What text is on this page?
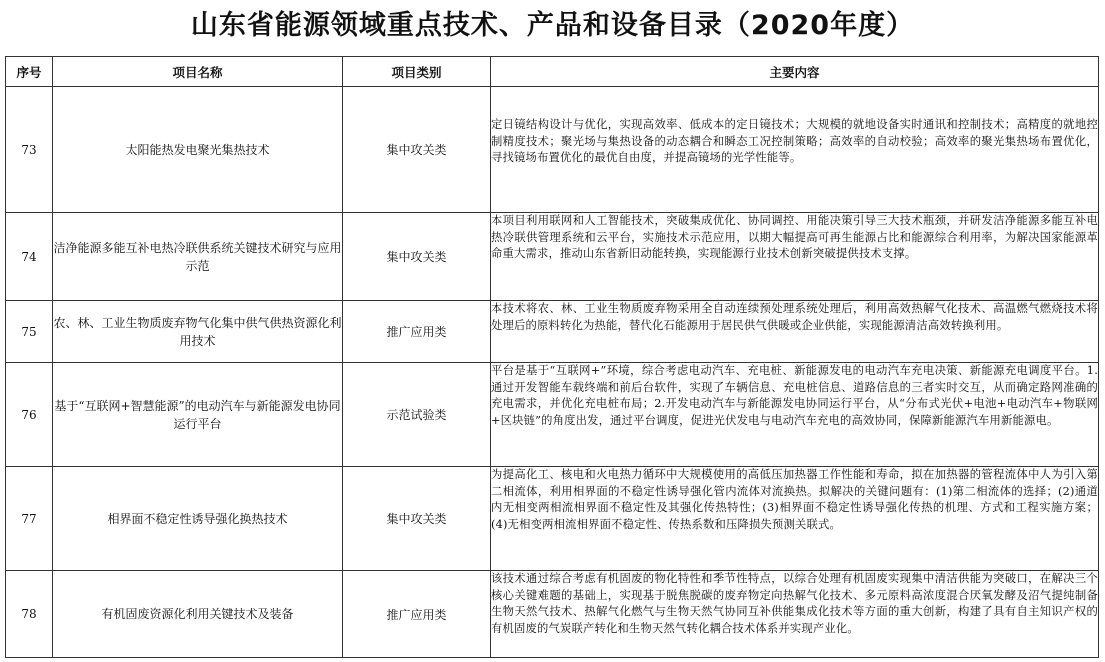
山东省能源领域重点技术、产品和设备目录（2020年度）
序号	项目名称	项目类别	主要内容
73	太阳能热发电聚光集热技术	集中攻关类	定日镜结构设计与优化，实现高效率、低成本的定日镜技术；大规模的就地设备实时通讯和控制技术；高精度的就地控制精度技术；聚光场与集热设备的动态耦合和瞬态工况控制策略；高效率的自动校验；高效率的聚光集热场布置优化，寻找镜场布置优化的最优自由度，并提高镜场的光学性能等。
74	洁净能源多能互补电热冷联供系统关键技术研究与应用示范	集中攻关类	本项目利用联网和人工智能技术，突破集成优化、协同调控、用能决策引导三大技术瓶颈，并研发洁净能源多能互补电热冷联供管理系统和云平台，实施技术示范应用，以期大幅提高可再生能源占比和能源综合利用率，为解决国家能源革命重大需求，推动山东省新旧动能转换，实现能源行业技术创新突破提供技术支撑。
75	农、林、工业生物质废弃物气化集中供气供热资源化利用技术	推广应用类	本技术将农、林、工业生物质废弃物采用全自动连续预处理系统处理后，利用高效热解气化技术、高温燃气燃烧技术将处理后的原料转化为热能，替代化石能源用于居民供气供暖或企业供能，实现能源清洁高效转换利用。
76	基于“互联网+智慧能源”的电动汽车与新能源发电协同运行平台	示范试验类	平台是基于“互联网+”环境，综合考虑电动汽车、充电桩、新能源发电的电动汽车充电决策、新能源充电调度平台。1.通过开发智能车载终端和前后台软件，实现了车辆信息、充电桩信息、道路信息的三者实时交互，从而确定路网准确的充电需求，并优化充电桩布局；2.开发电动汽车与新能源发电协同运行平台，从“分布式光伏+电池+电动汽车+物联网+区块链”的角度出发，通过平台调度，促进光伏发电与电动汽车充电的高效协同，保障新能源汽车用新能源电。
77	相界面不稳定性诱导强化换热技术	集中攻关类	为提高化工、核电和火电热力循环中大规模使用的高低压加热器工作性能和寿命，拟在加热器的管程流体中人为引入第二相流体，利用相界面的不稳定性诱导强化管内流体对流换热。拟解决的关键问题有：(1)第二相流体的选择；(2)通道内无相变两相流相界面不稳定性及其强化传热特性；(3)相界面不稳定性诱导强化传热的机理、方式和工程实施方案；(4)无相变两相流相界面不稳定性、传热系数和压降损失预测关联式。
78	有机固废资源化利用关键技术及装备	推广应用类	该技术通过综合考虑有机固废的物化特性和季节性特点，以综合处理有机固废实现集中清洁供能为突破口，在解决三个核心关键难题的基础上，实现基于脱焦脱碳的废弃物定向热解气化技术、多元原料高浓度混合厌氧发酵及沼气提纯制备生物天然气技术、热解气化燃气与生物天然气协同互补供能集成化技术等方面的重大创新，构建了具有自主知识产权的有机固废的气炭联产转化和生物天然气转化耦合技术体系并实现产业化。
